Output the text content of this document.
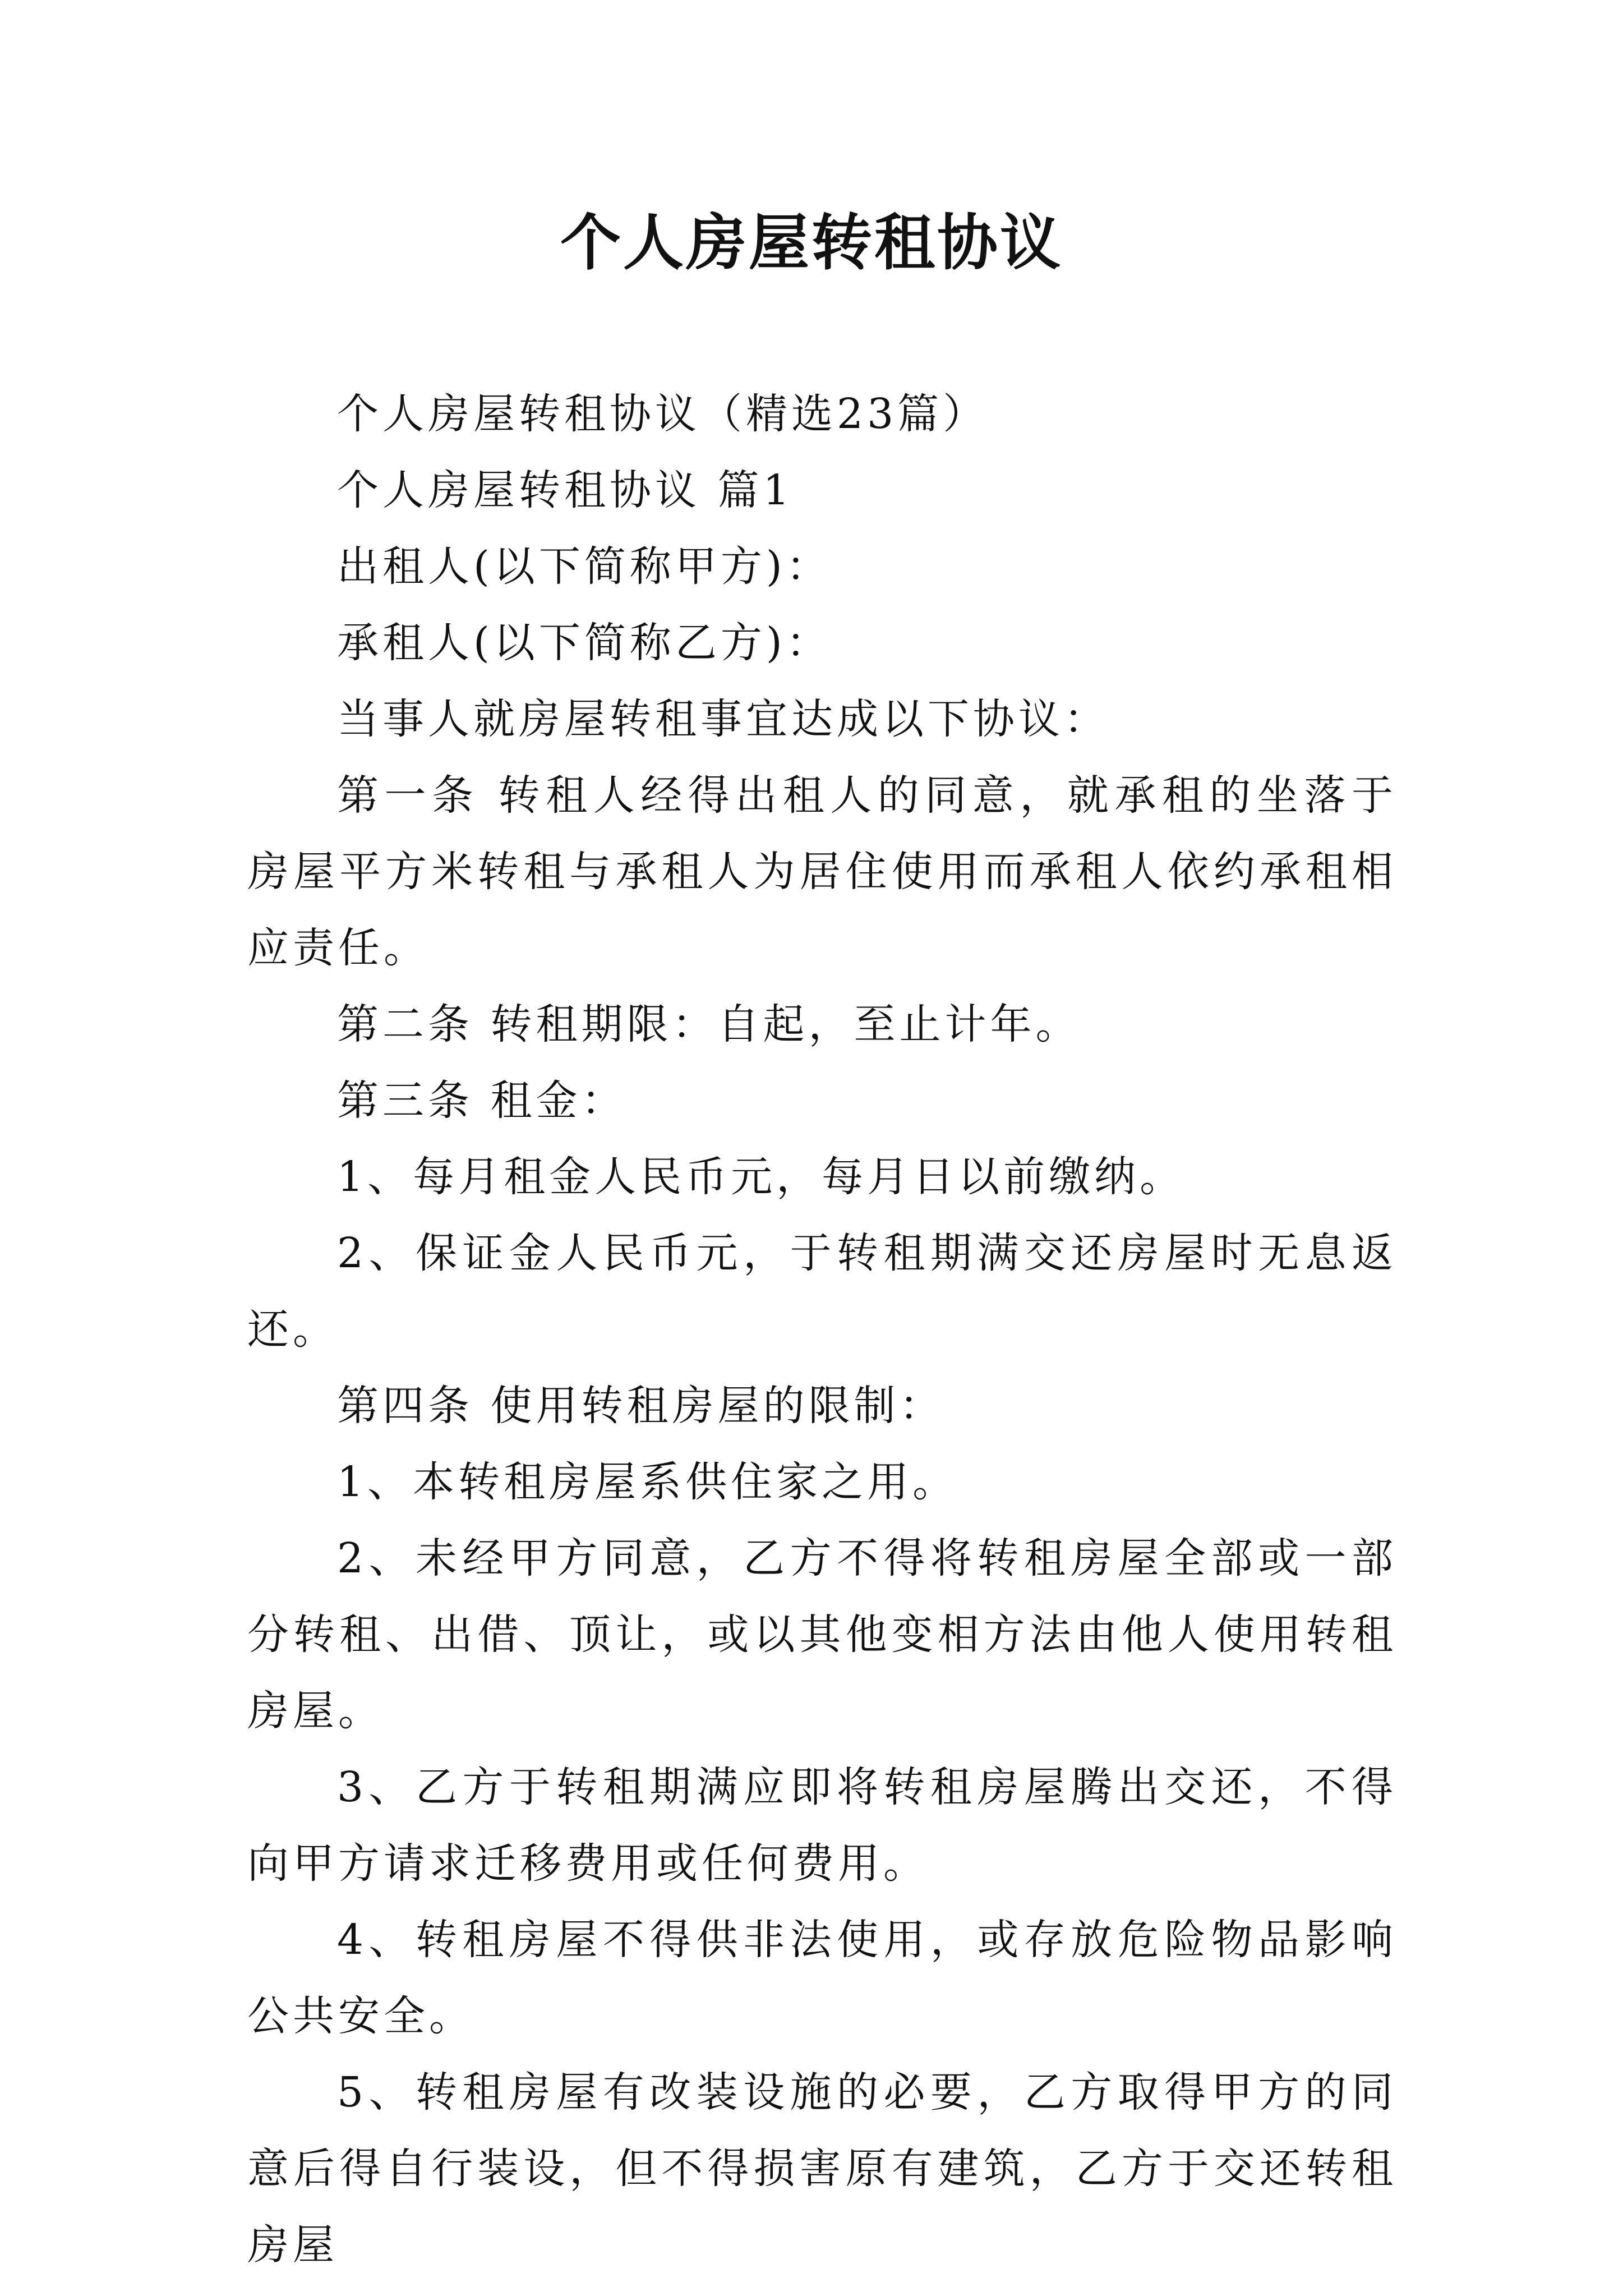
个人房屋转租协议

个人房屋转租协议（精选23篇）

个人房屋转租协议 篇1

出租人(以下简称甲方)：

承租人(以下简称乙方)：

当事人就房屋转租事宜达成以下协议：

第一条 转租人经得出租人的同意，就承租的坐落于房屋平方米转租与承租人为居住使用而承租人依约承租相应责任。

第二条 转租期限：自起，至止计年。

第三条 租金：

1、每月租金人民币元，每月日以前缴纳。

2、保证金人民币元，于转租期满交还房屋时无息返还。

第四条 使用转租房屋的限制：

1、本转租房屋系供住家之用。

2、未经甲方同意，乙方不得将转租房屋全部或一部分转租、出借、顶让，或以其他变相方法由他人使用转租房屋。

3、乙方于转租期满应即将转租房屋腾出交还，不得向甲方请求迁移费用或任何费用。

4、转租房屋不得供非法使用，或存放危险物品影响公共安全。

5、转租房屋有改装设施的必要，乙方取得甲方的同意后得自行装设，但不得损害原有建筑，乙方于交还转租房屋
